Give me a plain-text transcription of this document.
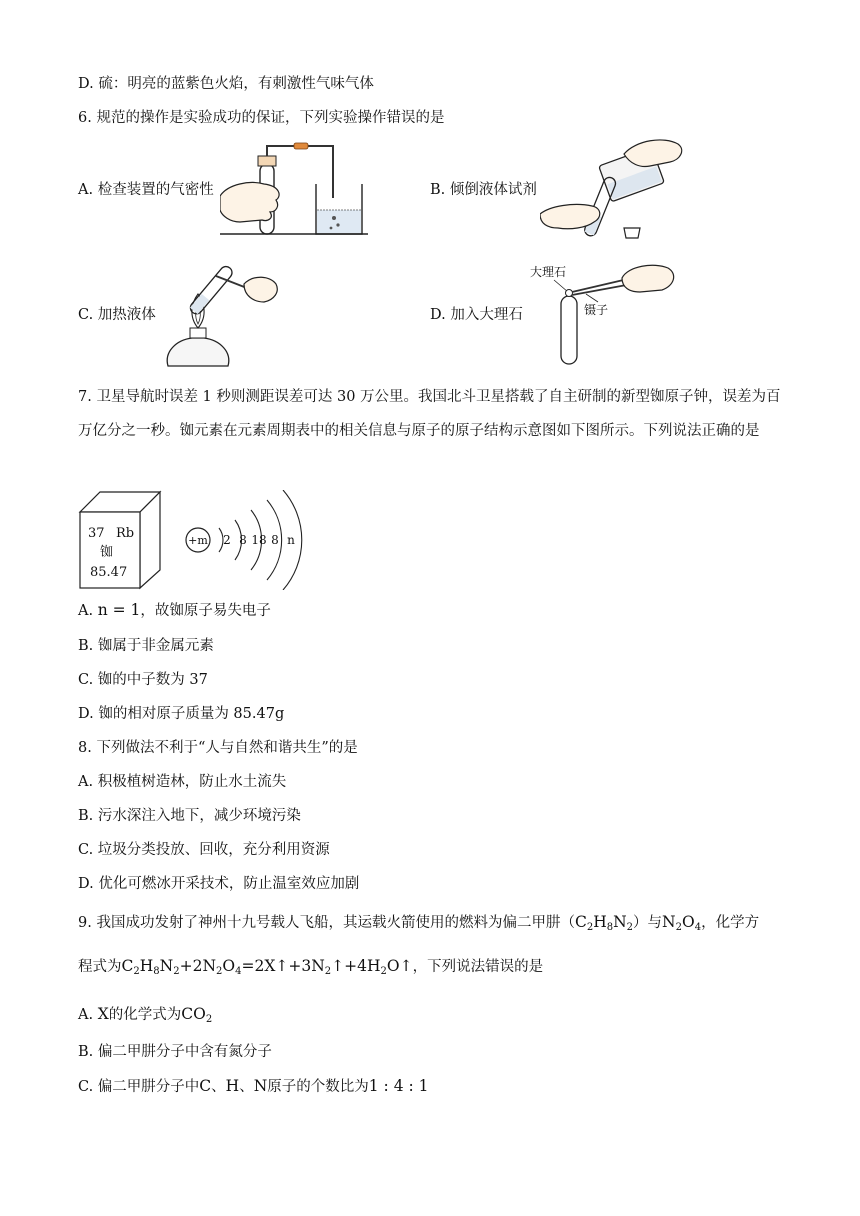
D. 硫：明亮的蓝紫色火焰，有刺激性气味气体
6. 规范的操作是实验成功的保证，下列实验操作错误的是
A. 检查装置的气密性	B. 倾倒液体试剂
C. 加热液体	D. 加入大理石
大理石
镊子
7. 卫星导航时误差 1 秒则测距误差可达 30 万公里。我国北斗卫星搭载了自主研制的新型铷原子钟，误差为百万亿分之一秒。铷元素在元素周期表中的相关信息与原子的原子结构示意图如下图所示。下列说法正确的是
37 Rb
铷
85.47
+m 2 8 18 8 n
A. n = 1，故铷原子易失电子
B. 铷属于非金属元素
C. 铷的中子数为 37
D. 铷的相对原子质量为 85.47g
8. 下列做法不利于“人与自然和谐共生”的是
A. 积极植树造林，防止水土流失
B. 污水深注入地下，减少环境污染
C. 垃圾分类投放、回收，充分利用资源
D. 优化可燃冰开采技术，防止温室效应加剧
9. 我国成功发射了神州十九号载人飞船，其运载火箭使用的燃料为偏二甲肼$(C_2H_8N_2)$与$N_2O_4$，化学方
程式为$C_2H_8N_2+2N_2O_4=2X↑+3N_2↑+4H_2O↑$，下列说法错误的是
A. X的化学式为$CO_2$
B. 偏二甲肼分子中含有氮分子
C. 偏二甲肼分子中C、H、N原子的个数比为1 : 4 : 1
